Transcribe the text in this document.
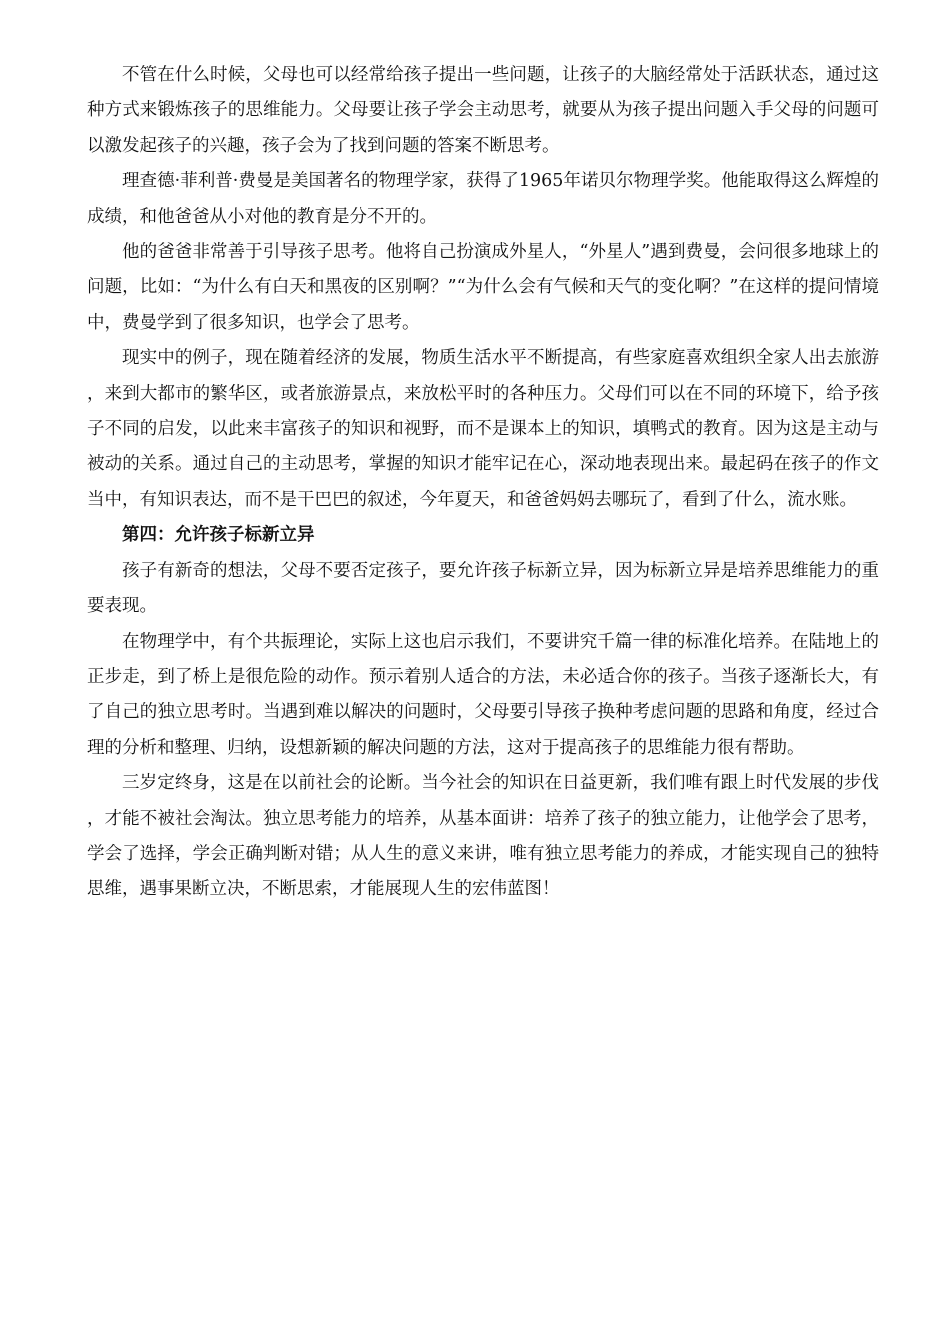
不管在什么时候，父母也可以经常给孩子提出一些问题，让孩子的大脑经常处于活跃状态，通过这种方式来锻炼孩子的思维能力。父母要让孩子学会主动思考，就要从为孩子提出问题入手父母的问题可以激发起孩子的兴趣，孩子会为了找到问题的答案不断思考。

理查德·菲利普·费曼是美国著名的物理学家，获得了1965年诺贝尔物理学奖。他能取得这么辉煌的成绩，和他爸爸从小对他的教育是分不开的。

他的爸爸非常善于引导孩子思考。他将自己扮演成外星人，“外星人”遇到费曼，会问很多地球上的问题，比如：“为什么有白天和黑夜的区别啊？”“为什么会有气候和天气的变化啊？”在这样的提问情境中，费曼学到了很多知识，也学会了思考。

现实中的例子，现在随着经济的发展，物质生活水平不断提高，有些家庭喜欢组织全家人出去旅游，来到大都市的繁华区，或者旅游景点，来放松平时的各种压力。父母们可以在不同的环境下，给予孩子不同的启发，以此来丰富孩子的知识和视野，而不是课本上的知识，填鸭式的教育。因为这是主动与被动的关系。通过自己的主动思考，掌握的知识才能牢记在心，深动地表现出来。最起码在孩子的作文当中，有知识表达，而不是干巴巴的叙述，今年夏天，和爸爸妈妈去哪玩了，看到了什么，流水账。

第四：允许孩子标新立异

孩子有新奇的想法，父母不要否定孩子，要允许孩子标新立异，因为标新立异是培养思维能力的重要表现。

在物理学中，有个共振理论，实际上这也启示我们，不要讲究千篇一律的标准化培养。在陆地上的正步走，到了桥上是很危险的动作。预示着别人适合的方法，未必适合你的孩子。当孩子逐渐长大，有了自己的独立思考时。当遇到难以解决的问题时，父母要引导孩子换种考虑问题的思路和角度，经过合理的分析和整理、归纳，设想新颖的解决问题的方法，这对于提高孩子的思维能力很有帮助。

三岁定终身，这是在以前社会的论断。当今社会的知识在日益更新，我们唯有跟上时代发展的步伐，才能不被社会淘汰。独立思考能力的培养，从基本面讲：培养了孩子的独立能力，让他学会了思考，学会了选择，学会正确判断对错；从人生的意义来讲，唯有独立思考能力的养成，才能实现自己的独特思维，遇事果断立决，不断思索，才能展现人生的宏伟蓝图！
